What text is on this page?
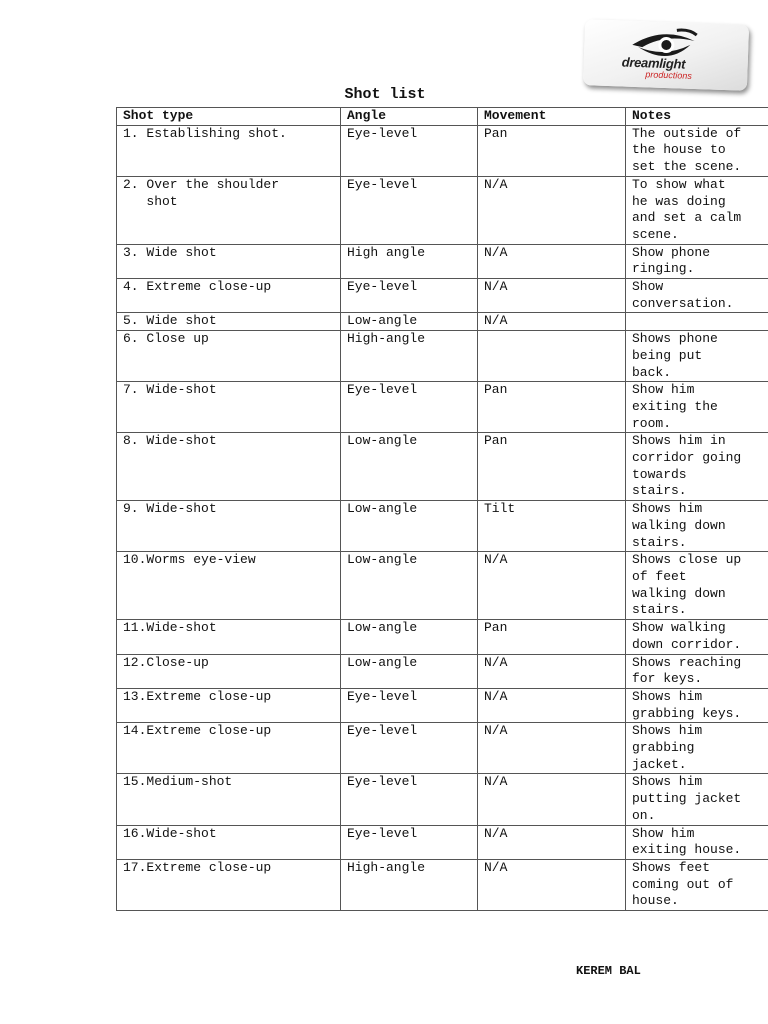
dreamlight
productions
Shot list
Shot type	Angle	Movement	Notes
1. Establishing shot.	Eye-level	Pan	The outside of
the house to
set the scene.
2. Over the shoulder
shot	Eye-level	N/A	To show what
he was doing
and set a calm
scene.
3. Wide shot	High angle	N/A	Show phone
ringing.
4. Extreme close-up	Eye-level	N/A	Show
conversation.
5. Wide shot	Low-angle	N/A	
6. Close up	High-angle		Shows phone
being put
back.
7. Wide-shot	Eye-level	Pan	Show him
exiting the
room.
8. Wide-shot	Low-angle	Pan	Shows him in
corridor going
towards
stairs.
9. Wide-shot	Low-angle	Tilt	Shows him
walking down
stairs.
10.Worms eye-view	Low-angle	N/A	Shows close up
of feet
walking down
stairs.
11.Wide-shot	Low-angle	Pan	Show walking
down corridor.
12.Close-up	Low-angle	N/A	Shows reaching
for keys.
13.Extreme close-up	Eye-level	N/A	Shows him
grabbing keys.
14.Extreme close-up	Eye-level	N/A	Shows him
grabbing
jacket.
15.Medium-shot	Eye-level	N/A	Shows him
putting jacket
on.
16.Wide-shot	Eye-level	N/A	Show him
exiting house.
17.Extreme close-up	High-angle	N/A	Shows feet
coming out of
house.
KEREM BAL
